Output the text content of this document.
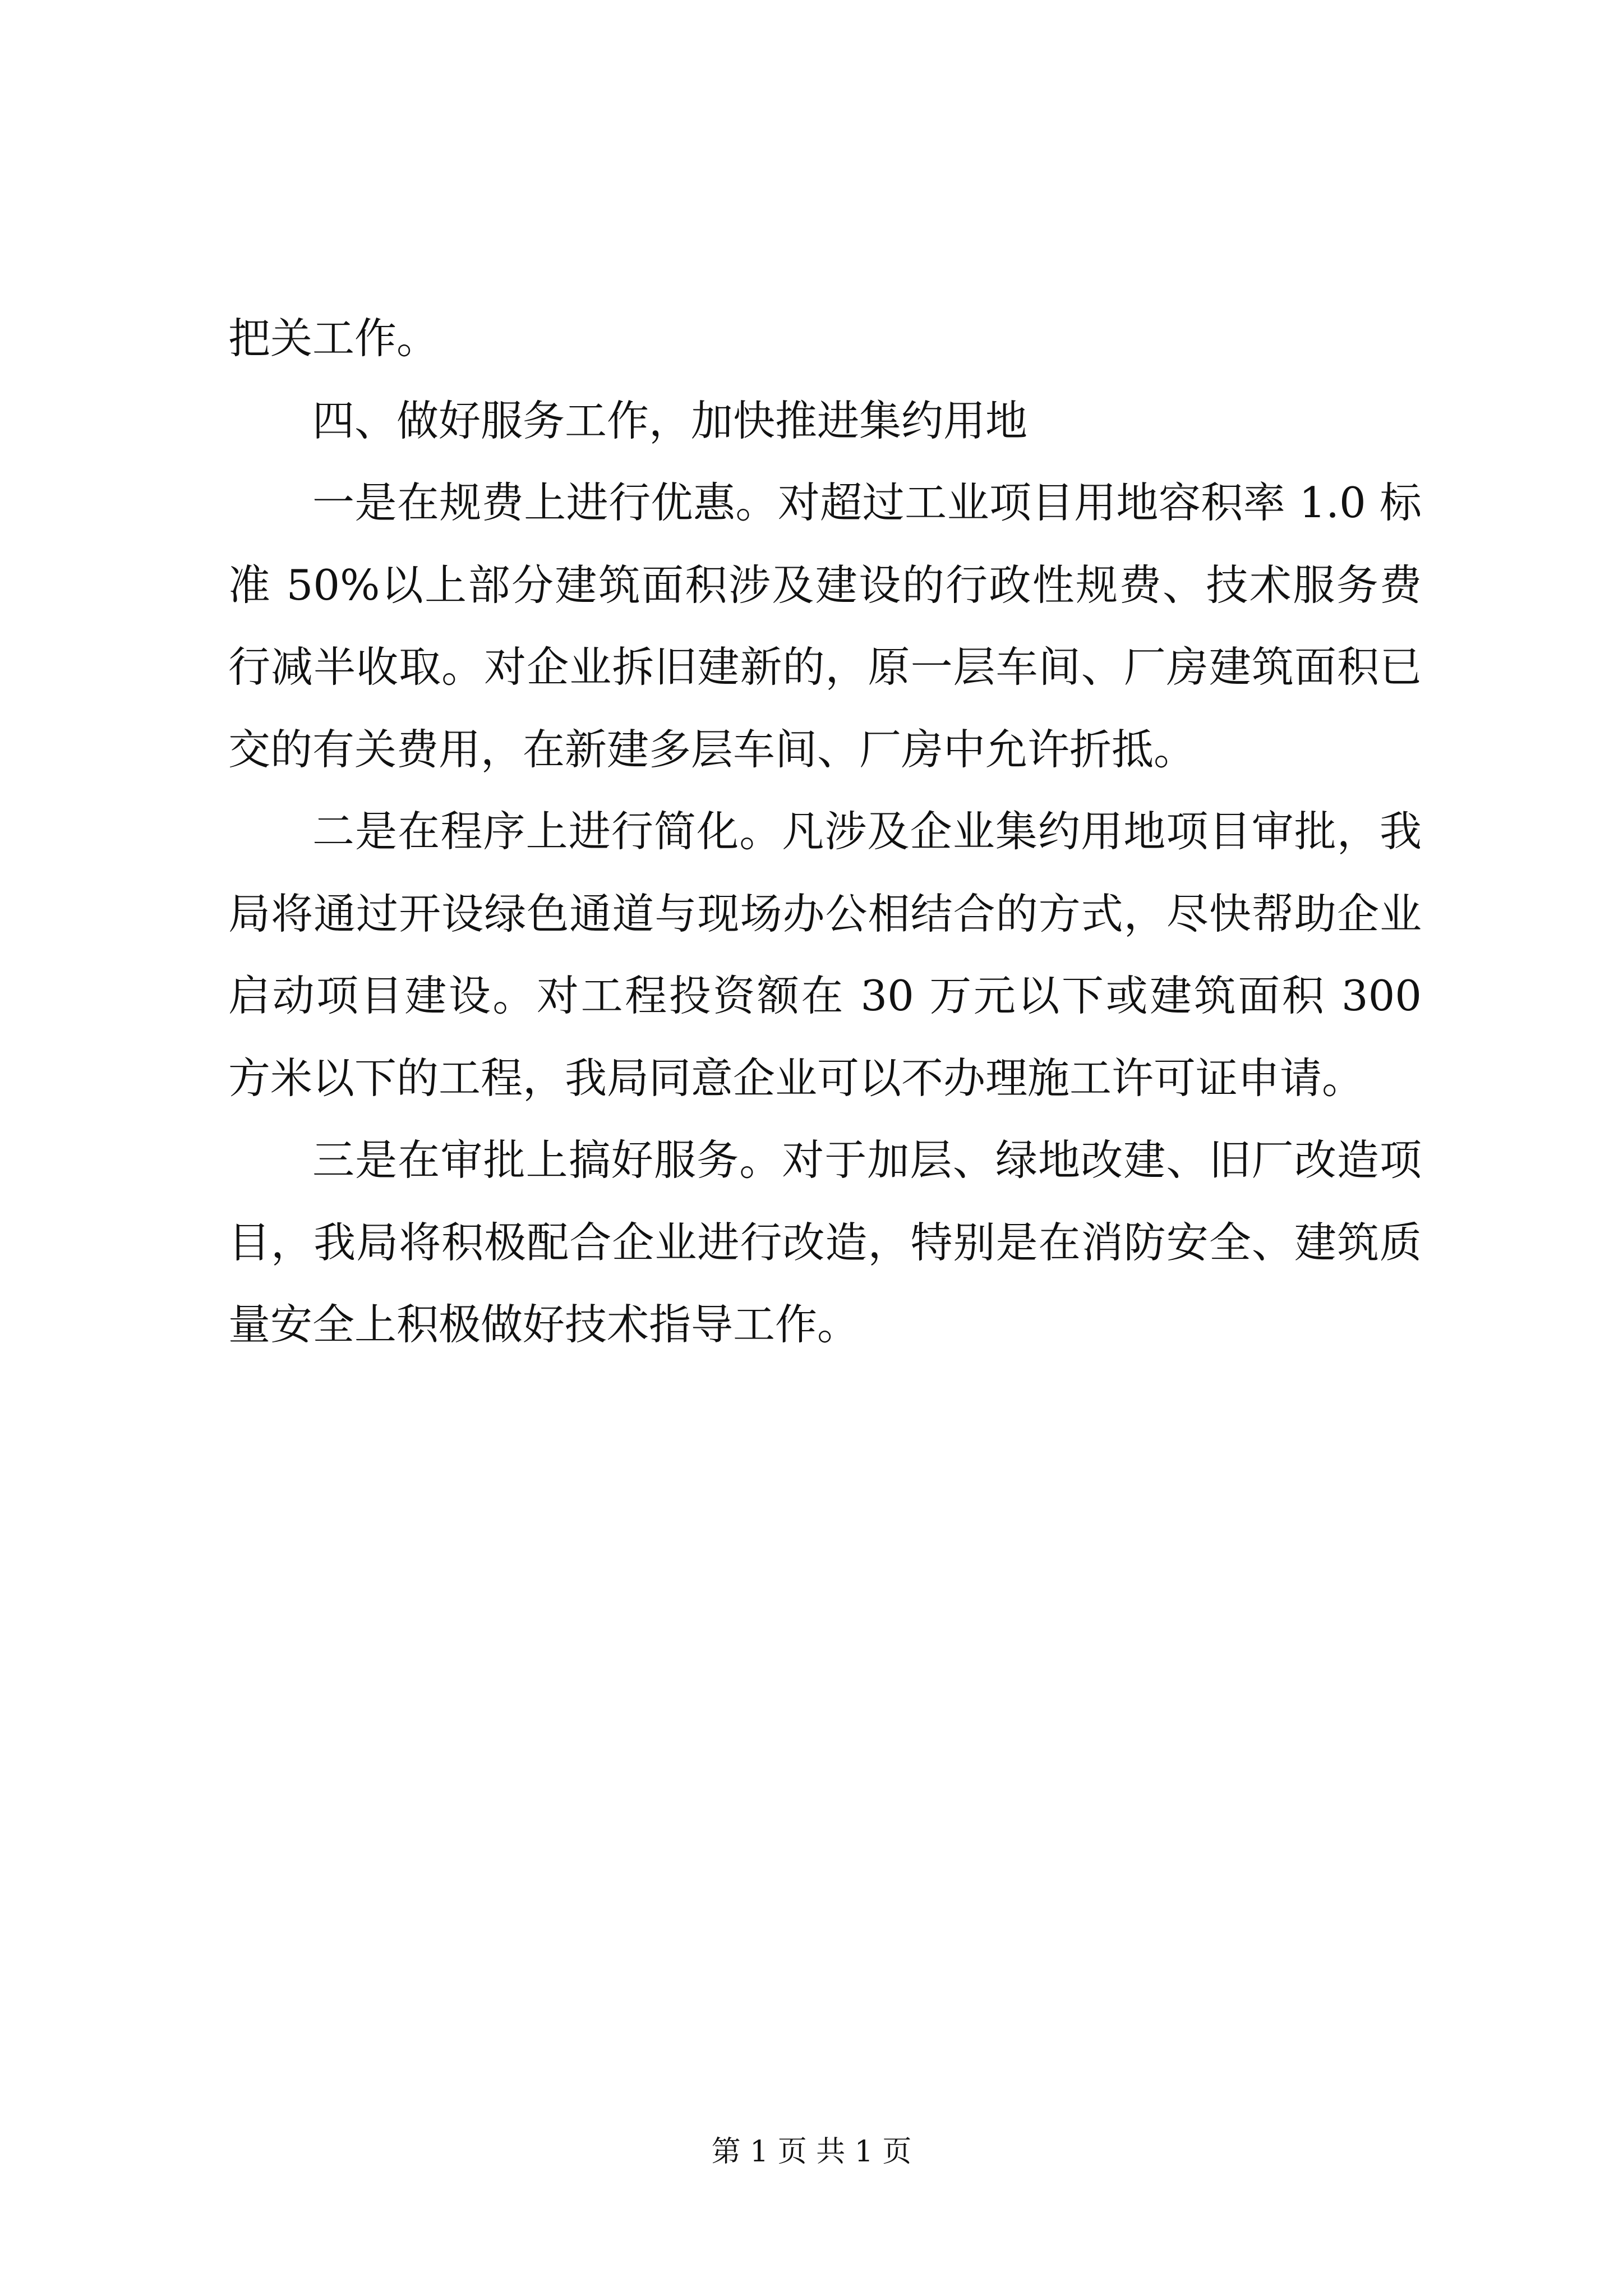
把关工作。
四、做好服务工作，加快推进集约用地
一是在规费上进行优惠。对超过工业项目用地容积率 1.0 标
准 50%以上部分建筑面积涉及建设的行政性规费、技术服务费
行减半收取。对企业拆旧建新的，原一层车间、厂房建筑面积已
交的有关费用，在新建多层车间、厂房中允许折抵。
二是在程序上进行简化。凡涉及企业集约用地项目审批，我
局将通过开设绿色通道与现场办公相结合的方式，尽快帮助企业
启动项目建设。对工程投资额在 30 万元以下或建筑面积 300
方米以下的工程，我局同意企业可以不办理施工许可证申请。
三是在审批上搞好服务。对于加层、绿地改建、旧厂改造项
目，我局将积极配合企业进行改造，特别是在消防安全、建筑质
量安全上积极做好技术指导工作。
第 1 页 共 1 页
